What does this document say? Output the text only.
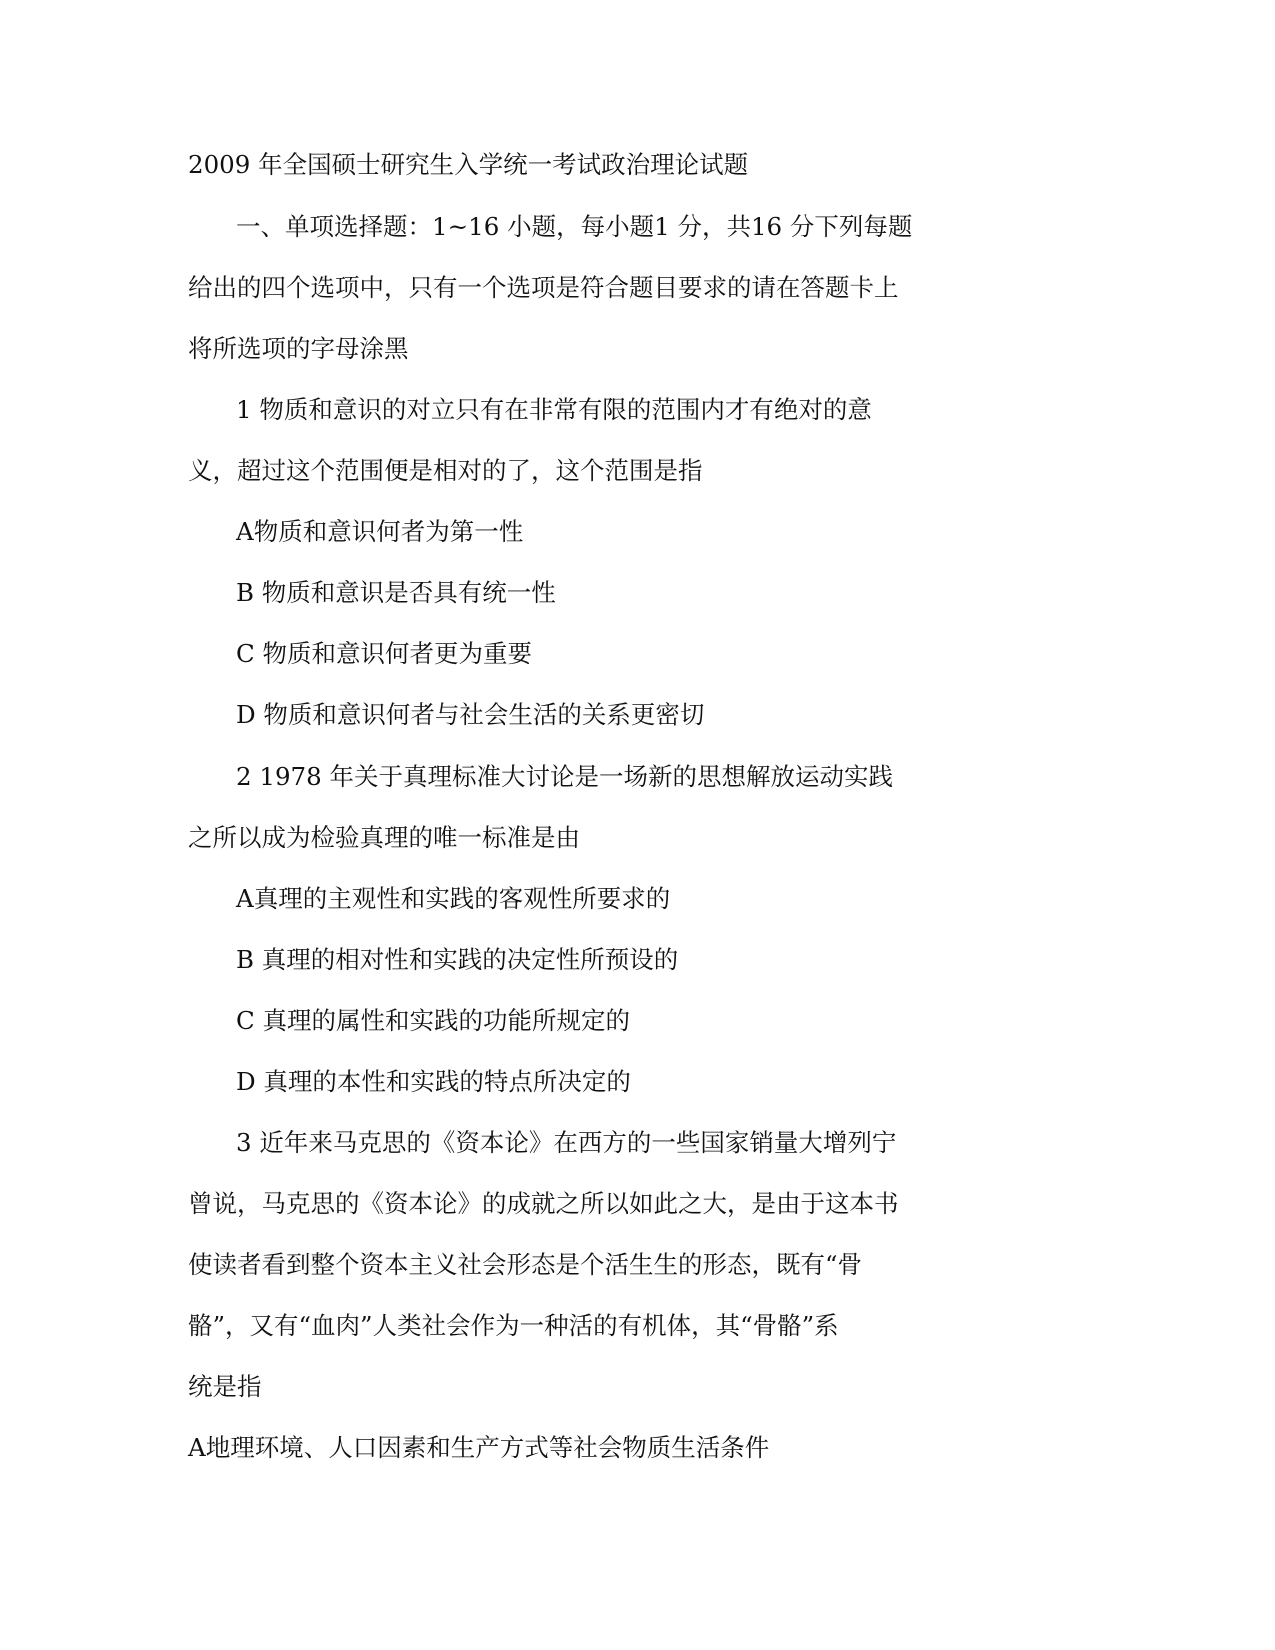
2009 年全国硕士研究生入学统一考试政治理论试题
一、单项选择题：1~16 小题，每小题1 分，共16 分下列每题
给出的四个选项中，只有一个选项是符合题目要求的请在答题卡上
将所选项的字母涂黑
1 物质和意识的对立只有在非常有限的范围内才有绝对的意
义，超过这个范围便是相对的了，这个范围是指
A物质和意识何者为第一性
B 物质和意识是否具有统一性
C 物质和意识何者更为重要
D 物质和意识何者与社会生活的关系更密切
2 1978 年关于真理标准大讨论是一场新的思想解放运动实践
之所以成为检验真理的唯一标准是由
A真理的主观性和实践的客观性所要求的
B 真理的相对性和实践的决定性所预设的
C 真理的属性和实践的功能所规定的
D 真理的本性和实践的特点所决定的
3 近年来马克思的《资本论》在西方的一些国家销量大增列宁
曾说，马克思的《资本论》的成就之所以如此之大，是由于这本书
使读者看到整个资本主义社会形态是个活生生的形态，既有“骨
骼”，又有“血肉”人类社会作为一种活的有机体，其“骨骼”系
统是指
A地理环境、人口因素和生产方式等社会物质生活条件
